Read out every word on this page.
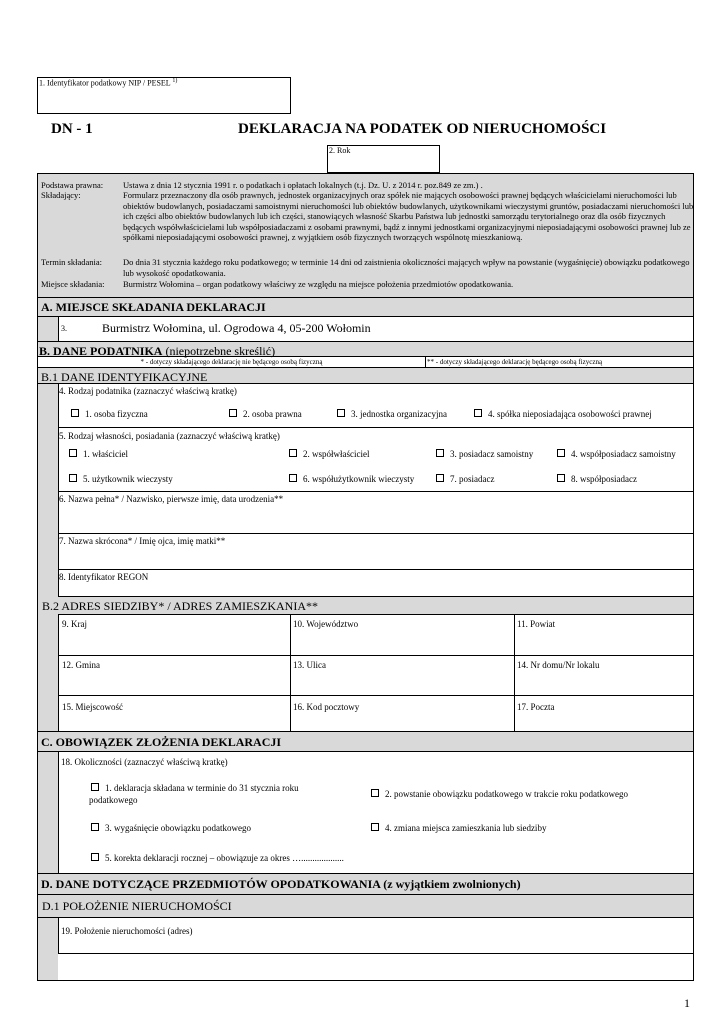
1. Identyfikator podatkowy NIP / PESEL $^{1)}$
DN - 1	DEKLARACJA NA PODATEK OD NIERUCHOMOŚCI
2. Rok
Podstawa prawna:	Ustawa z dnia 12 stycznia 1991 r. o podatkach i opłatach lokalnych (t.j. Dz. U. z 2014 r. poz.849 ze zm.) .
Składający:	Formularz przeznaczony dla osób prawnych, jednostek organizacyjnych oraz spółek nie mających osobowości prawnej będących właścicielami nieruchomości lub obiektów budowlanych, posiadaczami samoistnymi nieruchomości lub obiektów budowlanych, użytkownikami wieczystymi gruntów, posiadaczami nieruchomości lub ich części albo obiektów budowlanych lub ich części, stanowiących własność Skarbu Państwa lub jednostki samorządu terytorialnego oraz dla osób fizycznych będących współwłaścicielami lub współposiadaczami z osobami prawnymi, bądź z innymi jednostkami organizacyjnymi nieposiadającymi osobowości prawnej lub ze spółkami nieposiadającymi osobowości prawnej, z wyjątkiem osób fizycznych tworzących wspólnotę mieszkaniową.
Termin składania:	Do dnia 31 stycznia każdego roku podatkowego; w terminie 14 dni od zaistnienia okoliczności mających wpływ na powstanie (wygaśnięcie) obowiązku podatkowego lub wysokość opodatkowania.
Miejsce składania:	Burmistrz Wołomina – organ podatkowy właściwy ze względu na miejsce położenia przedmiotów opodatkowania.
A. MIEJSCE SKŁADANIA DEKLARACJI
3.	Burmistrz Wołomina, ul. Ogrodowa 4, 05-200 Wołomin
B. DANE PODATNIKA (niepotrzebne skreślić)
* - dotyczy składającego deklarację nie będącego osobą fizyczną	** - dotyczy składającego deklarację będącego osobą fizyczną
B.1 DANE IDENTYFIKACYJNE
4. Rodzaj podatnika (zaznaczyć właściwą kratkę)
1. osoba fizyczna	2. osoba prawna	3. jednostka organizacyjna	4. spółka nieposiadająca osobowości prawnej
5. Rodzaj własności, posiadania (zaznaczyć właściwą kratkę)
1. właściciel	2. współwłaściciel	3. posiadacz samoistny	4. współposiadacz samoistny
5. użytkownik wieczysty	6. współużytkownik wieczysty	7. posiadacz	8. współposiadacz
6. Nazwa pełna* / Nazwisko, pierwsze imię, data urodzenia**
7. Nazwa skrócona* / Imię ojca, imię matki**
8. Identyfikator REGON
B.2 ADRES SIEDZIBY* / ADRES ZAMIESZKANIA**
9. Kraj	10. Województwo	11. Powiat
12. Gmina	13. Ulica	14. Nr domu/Nr lokalu
15. Miejscowość	16. Kod pocztowy	17. Poczta
C. OBOWIĄZEK ZŁOŻENIA DEKLARACJI
18. Okoliczności (zaznaczyć właściwą kratkę)
1. deklaracja składana w terminie do 31 stycznia roku
podatkowego
2. powstanie obowiązku podatkowego w trakcie roku podatkowego
3. wygaśnięcie obowiązku podatkowego	4. zmiana miejsca zamieszkania lub siedziby
5. korekta deklaracji rocznej – obowiązuje za okres …...................
D. DANE DOTYCZĄCE PRZEDMIOTÓW OPODATKOWANIA (z wyjątkiem zwolnionych)
D.1 POŁOŻENIE NIERUCHOMOŚCI
19. Położenie nieruchomości (adres)
1
